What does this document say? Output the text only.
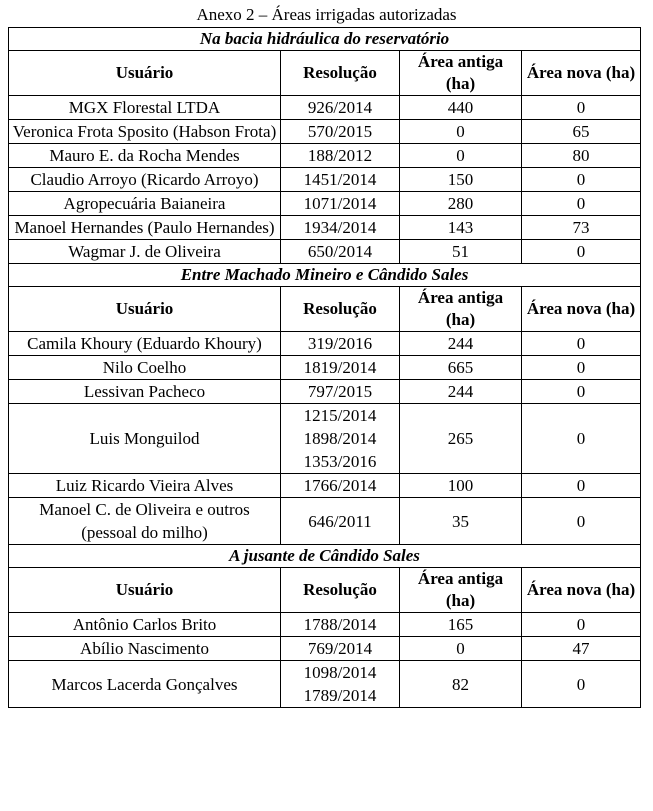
Anexo 2 – Áreas irrigadas autorizadas
Na bacia hidráulica do reservatório			
Usuário	Resolução	Área antiga (ha)	Área nova (ha)
MGX Florestal LTDA	926/2014	440	0
Veronica Frota Sposito (Habson Frota)	570/2015	0	65
Mauro E. da Rocha Mendes	188/2012	0	80
Claudio Arroyo (Ricardo Arroyo)	1451/2014	150	0
Agropecuária Baianeira	1071/2014	280	0
Manoel Hernandes (Paulo Hernandes)	1934/2014	143	73
Wagmar J. de Oliveira	650/2014	51	0
Entre Machado Mineiro e Cândido Sales			
Usuário	Resolução	Área antiga (ha)	Área nova (ha)
Camila Khoury (Eduardo Khoury)	319/2016	244	0
Nilo Coelho	1819/2014	665	0
Lessivan Pacheco	797/2015	244	0
Luis Monguilod	1215/2014 1898/2014 1353/2016	265	0
Luiz Ricardo Vieira Alves	1766/2014	100	0
Manoel C. de Oliveira e outros (pessoal do milho)	646/2011	35	0
A jusante de Cândido Sales			
Usuário	Resolução	Área antiga (ha)	Área nova (ha)
Antônio Carlos Brito	1788/2014	165	0
Abílio Nascimento	769/2014	0	47
Marcos Lacerda Gonçalves	1098/2014 1789/2014	82	0
